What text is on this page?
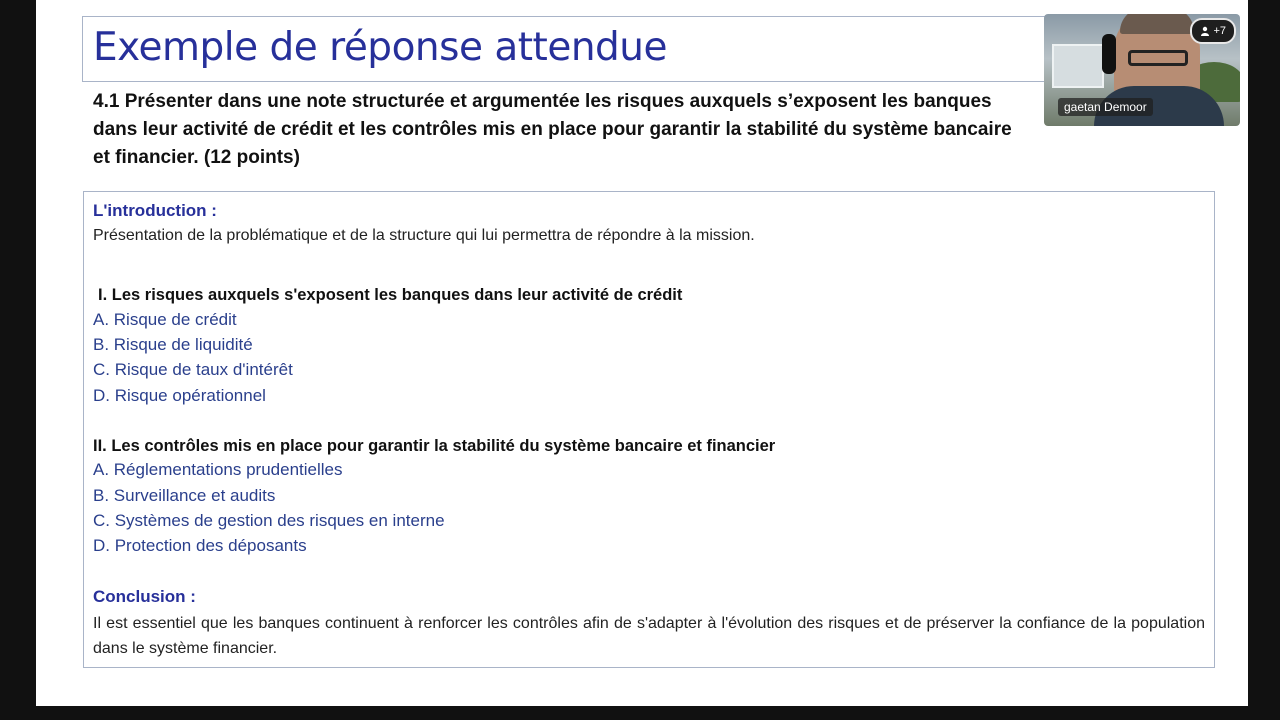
Exemple de réponse attendue
4.1 Présenter dans une note structurée et argumentée les risques auxquels s’exposent les banques
dans leur activité de crédit et les contrôles mis en place pour garantir la stabilité du système bancaire
et financier. (12 points)
L'introduction :
Présentation de la problématique et de la structure qui lui permettra de répondre à la mission.
I. Les risques auxquels s'exposent les banques dans leur activité de crédit
A. Risque de crédit
B. Risque de liquidité
C. Risque de taux d'intérêt
D. Risque opérationnel
II. Les contrôles mis en place pour garantir la stabilité du système bancaire et financier
A. Réglementations prudentielles
B. Surveillance et audits
C. Systèmes de gestion des risques en interne
D. Protection des déposants
Conclusion :
Il est essentiel que les banques continuent à renforcer les contrôles afin de s'adapter à l'évolution des risques et de préserver la confiance de la population dans le système financier.
gaetan Demoor
+7
